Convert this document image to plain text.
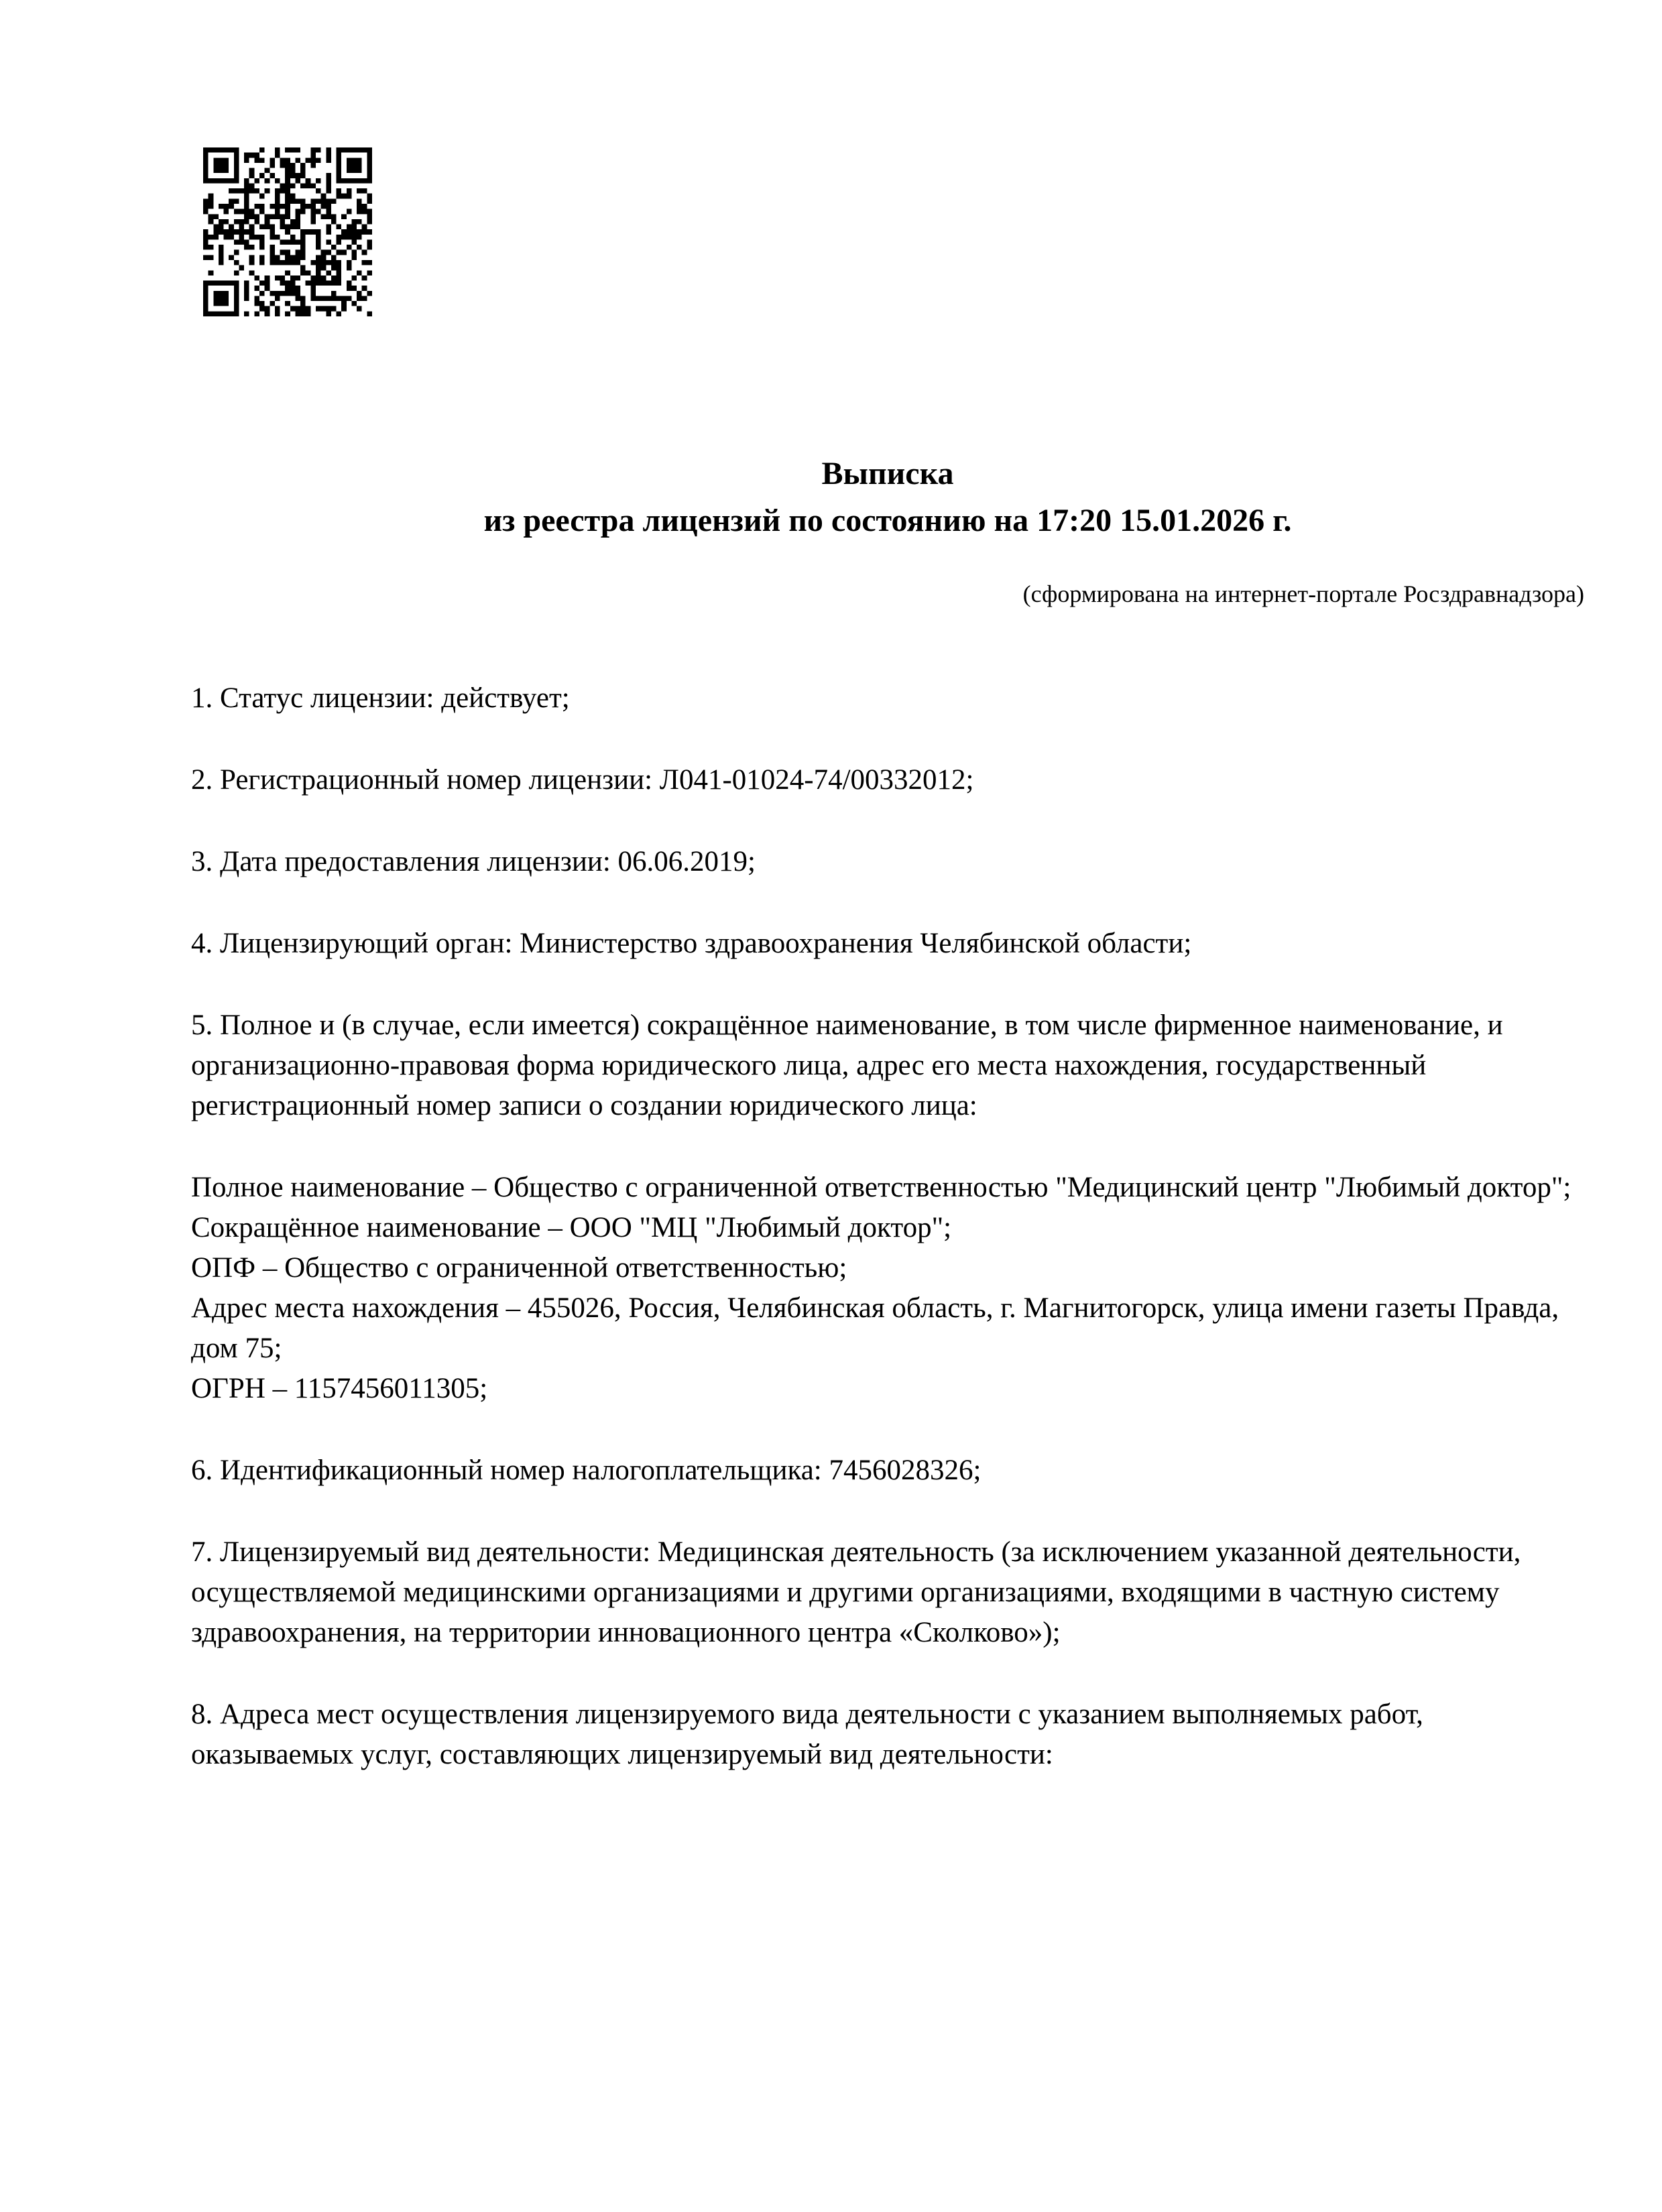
Выписка
из реестра лицензий по состоянию на 17:20 15.01.2026 г.
(сформирована на интернет-портале Росздравнадзора)

1. Статус лицензии: действует;

2. Регистрационный номер лицензии: Л041-01024-74/00332012;

3. Дата предоставления лицензии: 06.06.2019;

4. Лицензирующий орган: Министерство здравоохранения Челябинской области;

5. Полное и (в случае, если имеется) сокращённое наименование, в том числе фирменное наименование, и организационно-правовая форма юридического лица, адрес его места нахождения, государственный регистрационный номер записи о создании юридического лица:

Полное наименование – Общество с ограниченной ответственностью "Медицинский центр "Любимый доктор";
Сокращённое наименование – ООО "МЦ "Любимый доктор";
ОПФ – Общество с ограниченной ответственностью;
Адрес места нахождения – 455026, Россия, Челябинская область, г. Магнитогорск, улица имени газеты Правда, дом 75;
ОГРН – 1157456011305;

6. Идентификационный номер налогоплательщика: 7456028326;

7. Лицензируемый вид деятельности: Медицинская деятельность (за исключением указанной деятельности, осуществляемой медицинскими организациями и другими организациями, входящими в частную систему здравоохранения, на территории инновационного центра «Сколково»);

8. Адреса мест осуществления лицензируемого вида деятельности с указанием выполняемых работ, оказываемых услуг, составляющих лицензируемый вид деятельности:
